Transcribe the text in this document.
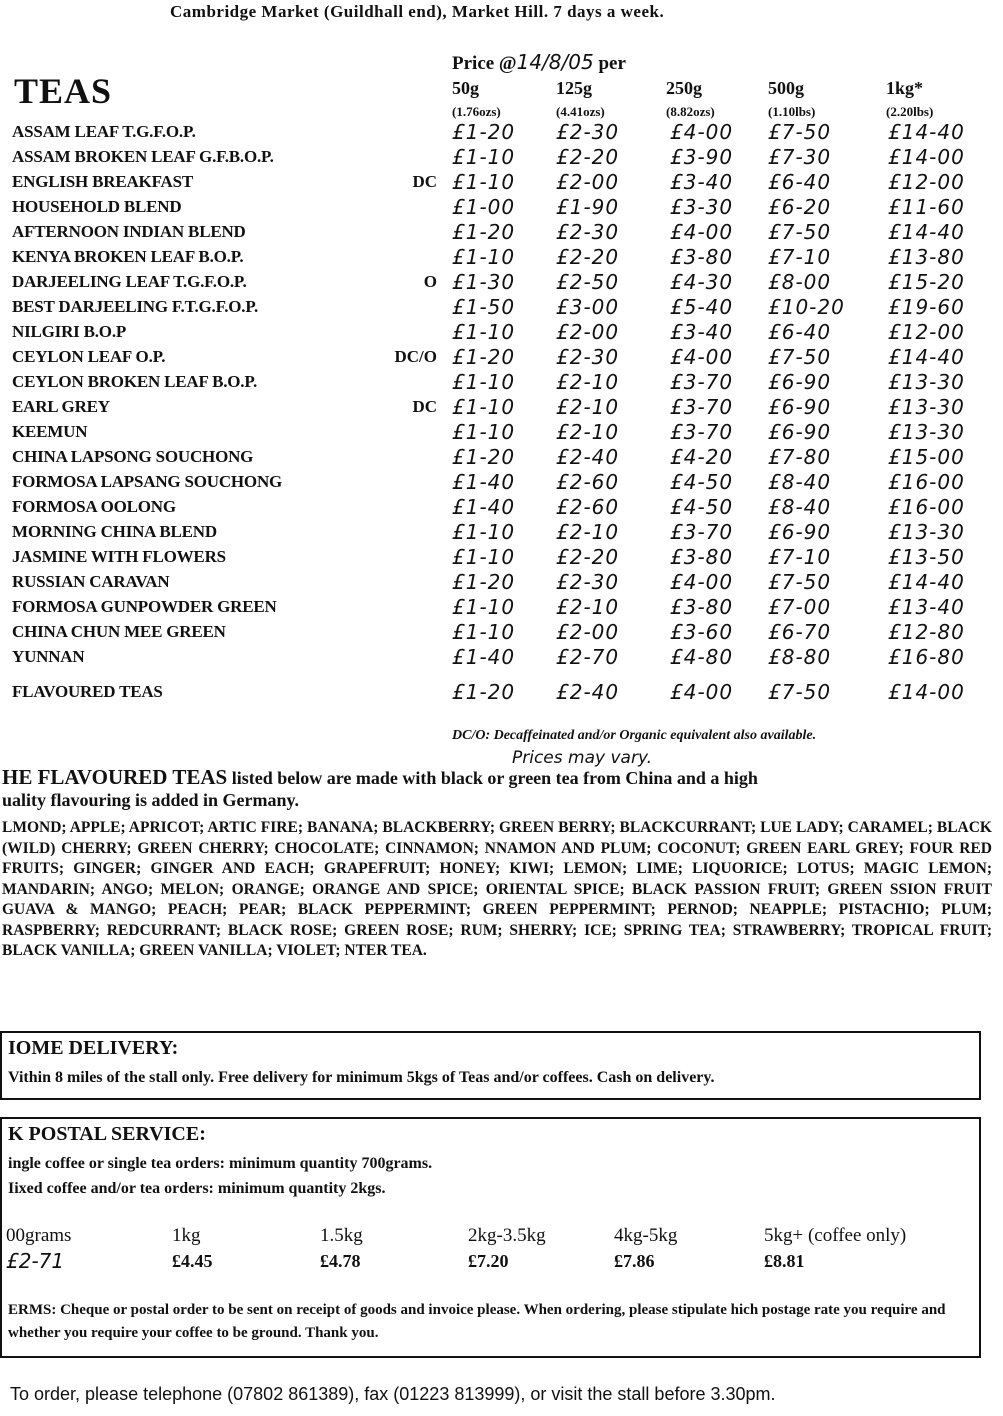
Cambridge Market (Guildhall end), Market Hill. 7 days a week.
TEAS
Price @14/8/05 per
50g	125g	250g	500g	1kg*
(1.76ozs)	(4.41ozs)	(8.82ozs)	(1.10lbs)	(2.20lbs)
ASSAM LEAF T.G.F.O.P.	£1-20 £2-30	£4-00 £7-50	£14-40
ASSAM BROKEN LEAF G.F.B.O.P.	£1-10 £2-20	£3-90 £7-30	£14-00
ENGLISH BREAKFAST	DC £1-10 £2-00	£3-40 £6-40	£12-00
HOUSEHOLD BLEND	£1-00 £1-90	£3-30 £6-20	£11-60
AFTERNOON INDIAN BLEND	£1-20 £2-30	£4-00 £7-50	£14-40
KENYA BROKEN LEAF B.O.P.	£1-10 £2-20	£3-80 £7-10	£13-80
DARJEELING LEAF T.G.F.O.P.	O £1-30 £2-50	£4-30 £8-00	£15-20
BEST DARJEELING F.T.G.F.O.P.	£1-50 £3-00	£5-40 £10-20 £19-60
NILGIRI B.O.P	£1-10 £2-00	£3-40 £6-40	£12-00
CEYLON LEAF O.P.	DC/O £1-20 £2-30	£4-00 £7-50	£14-40
CEYLON BROKEN LEAF B.O.P.	£1-10 £2-10	£3-70 £6-90	£13-30
EARL GREY	DC £1-10 £2-10	£3-70 £6-90	£13-30
KEEMUN	£1-10 £2-10	£3-70 £6-90	£13-30
CHINA LAPSONG SOUCHONG	£1-20 £2-40	£4-20 £7-80	£15-00
FORMOSA LAPSANG SOUCHONG	£1-40 £2-60	£4-50 £8-40	£16-00
FORMOSA OOLONG	£1-40 £2-60	£4-50 £8-40	£16-00
MORNING CHINA BLEND	£1-10 £2-10	£3-70 £6-90	£13-30
JASMINE WITH FLOWERS	£1-10 £2-20	£3-80 £7-10	£13-50
RUSSIAN CARAVAN	£1-20 £2-30	£4-00 £7-50	£14-40
FORMOSA GUNPOWDER GREEN	£1-10 £2-10	£3-80 £7-00	£13-40
CHINA CHUN MEE GREEN	£1-10 £2-00	£3-60 £6-70	£12-80
YUNNAN	£1-40 £2-70	£4-80 £8-80	£16-80
FLAVOURED TEAS	£1-20 £2-40	£4-00 £7-50	£14-00
DC/O: Decaffeinated and/or Organic equivalent also available.
Prices may vary.
HE FLAVOURED TEAS listed below are made with black or green tea from China and a high
uality flavouring is added in Germany.
LMOND; APPLE; APRICOT; ARTIC FIRE; BANANA; BLACKBERRY; GREEN BERRY; BLACKCURRANT; LUE LADY; CARAMEL; BLACK (WILD) CHERRY; GREEN CHERRY; CHOCOLATE; CINNAMON; NNAMON AND PLUM; COCONUT; GREEN EARL GREY; FOUR RED FRUITS; GINGER; GINGER AND EACH; GRAPEFRUIT; HONEY; KIWI; LEMON; LIME; LIQUORICE; LOTUS; MAGIC LEMON; MANDARIN; ANGO; MELON; ORANGE; ORANGE AND SPICE; ORIENTAL SPICE; BLACK PASSION FRUIT; GREEN SSION FRUIT GUAVA & MANGO; PEACH; PEAR; BLACK PEPPERMINT; GREEN PEPPERMINT; PERNOD; NEAPPLE; PISTACHIO; PLUM; RASPBERRY; REDCURRANT; BLACK ROSE; GREEN ROSE; RUM; SHERRY; ICE; SPRING TEA; STRAWBERRY; TROPICAL FRUIT; BLACK VANILLA; GREEN VANILLA; VIOLET; NTER TEA.
IOME DELIVERY:
Vithin 8 miles of the stall only. Free delivery for minimum 5kgs of Teas and/or coffees. Cash on delivery.
K POSTAL SERVICE:
ingle coffee or single tea orders: minimum quantity 700grams.
Iixed coffee and/or tea orders: minimum quantity 2kgs.
00grams	1kg	1.5kg	2kg-3.5kg	4kg-5kg	5kg+ (coffee only)
£2-71	£4.45	£4.78	£7.20	£7.86	£8.81
ERMS: Cheque or postal order to be sent on receipt of goods and invoice please. When ordering, please stipulate hich postage rate you require and whether you require your coffee to be ground. Thank you.
To order, please telephone (07802 861389), fax (01223 813999), or visit the stall before 3.30pm.
